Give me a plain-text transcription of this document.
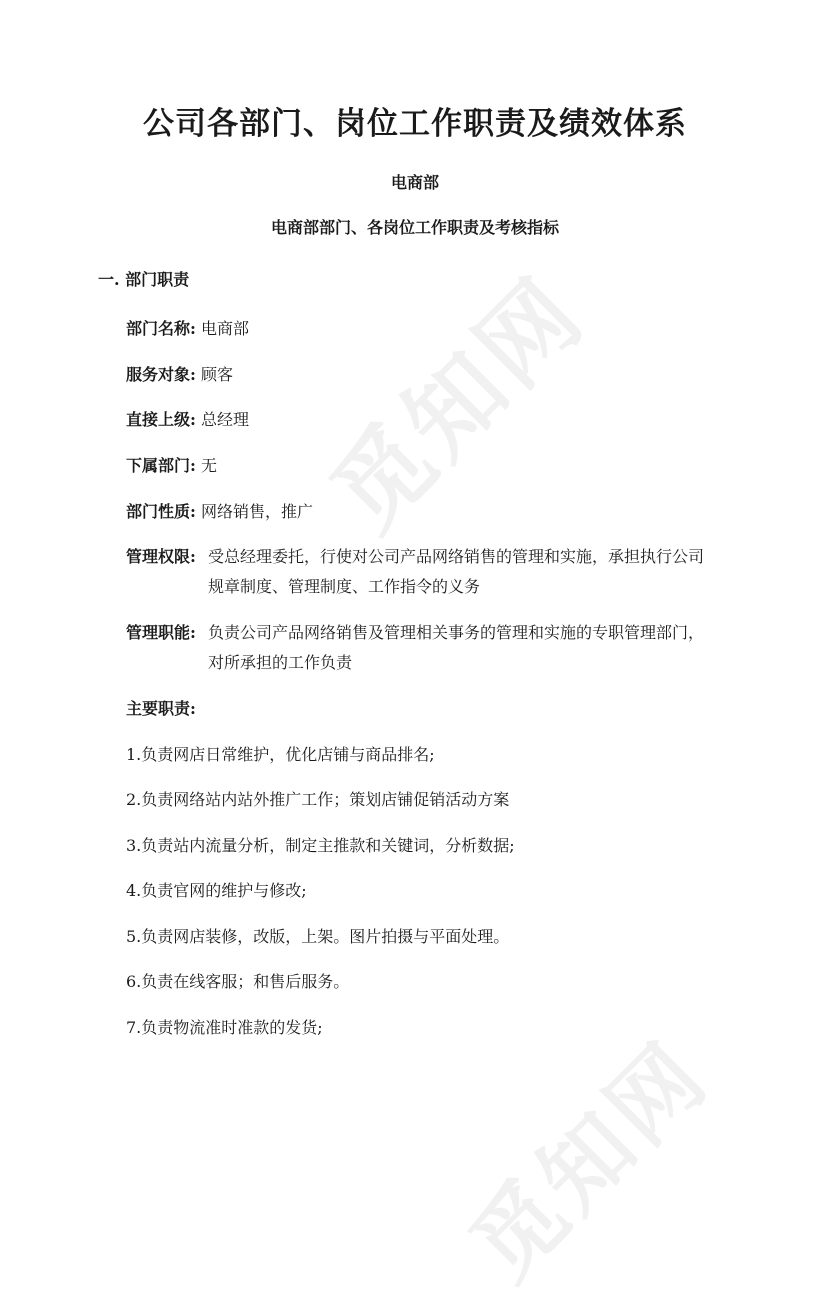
觅知网
觅知网
公司各部门、岗位工作职责及绩效体系
电商部
电商部部门、各岗位工作职责及考核指标
一. 部门职责
部门名称: 电商部
服务对象: 顾客
直接上级: 总经理
下属部门: 无
部门性质: 网络销售，推广
管理权限: 受总经理委托，行使对公司产品网络销售的管理和实施，承担执行公司规章制度、管理制度、工作指令的义务
管理职能: 负责公司产品网络销售及管理相关事务的管理和实施的专职管理部门，对所承担的工作负责
主要职责:
1.负责网店日常维护，优化店铺与商品排名;
2.负责网络站内站外推广工作；策划店铺促销活动方案
3.负责站内流量分析，制定主推款和关键词，分析数据;
4.负责官网的维护与修改;
5.负责网店装修，改版，上架。图片拍摄与平面处理。
6.负责在线客服；和售后服务。
7.负责物流准时准款的发货;
